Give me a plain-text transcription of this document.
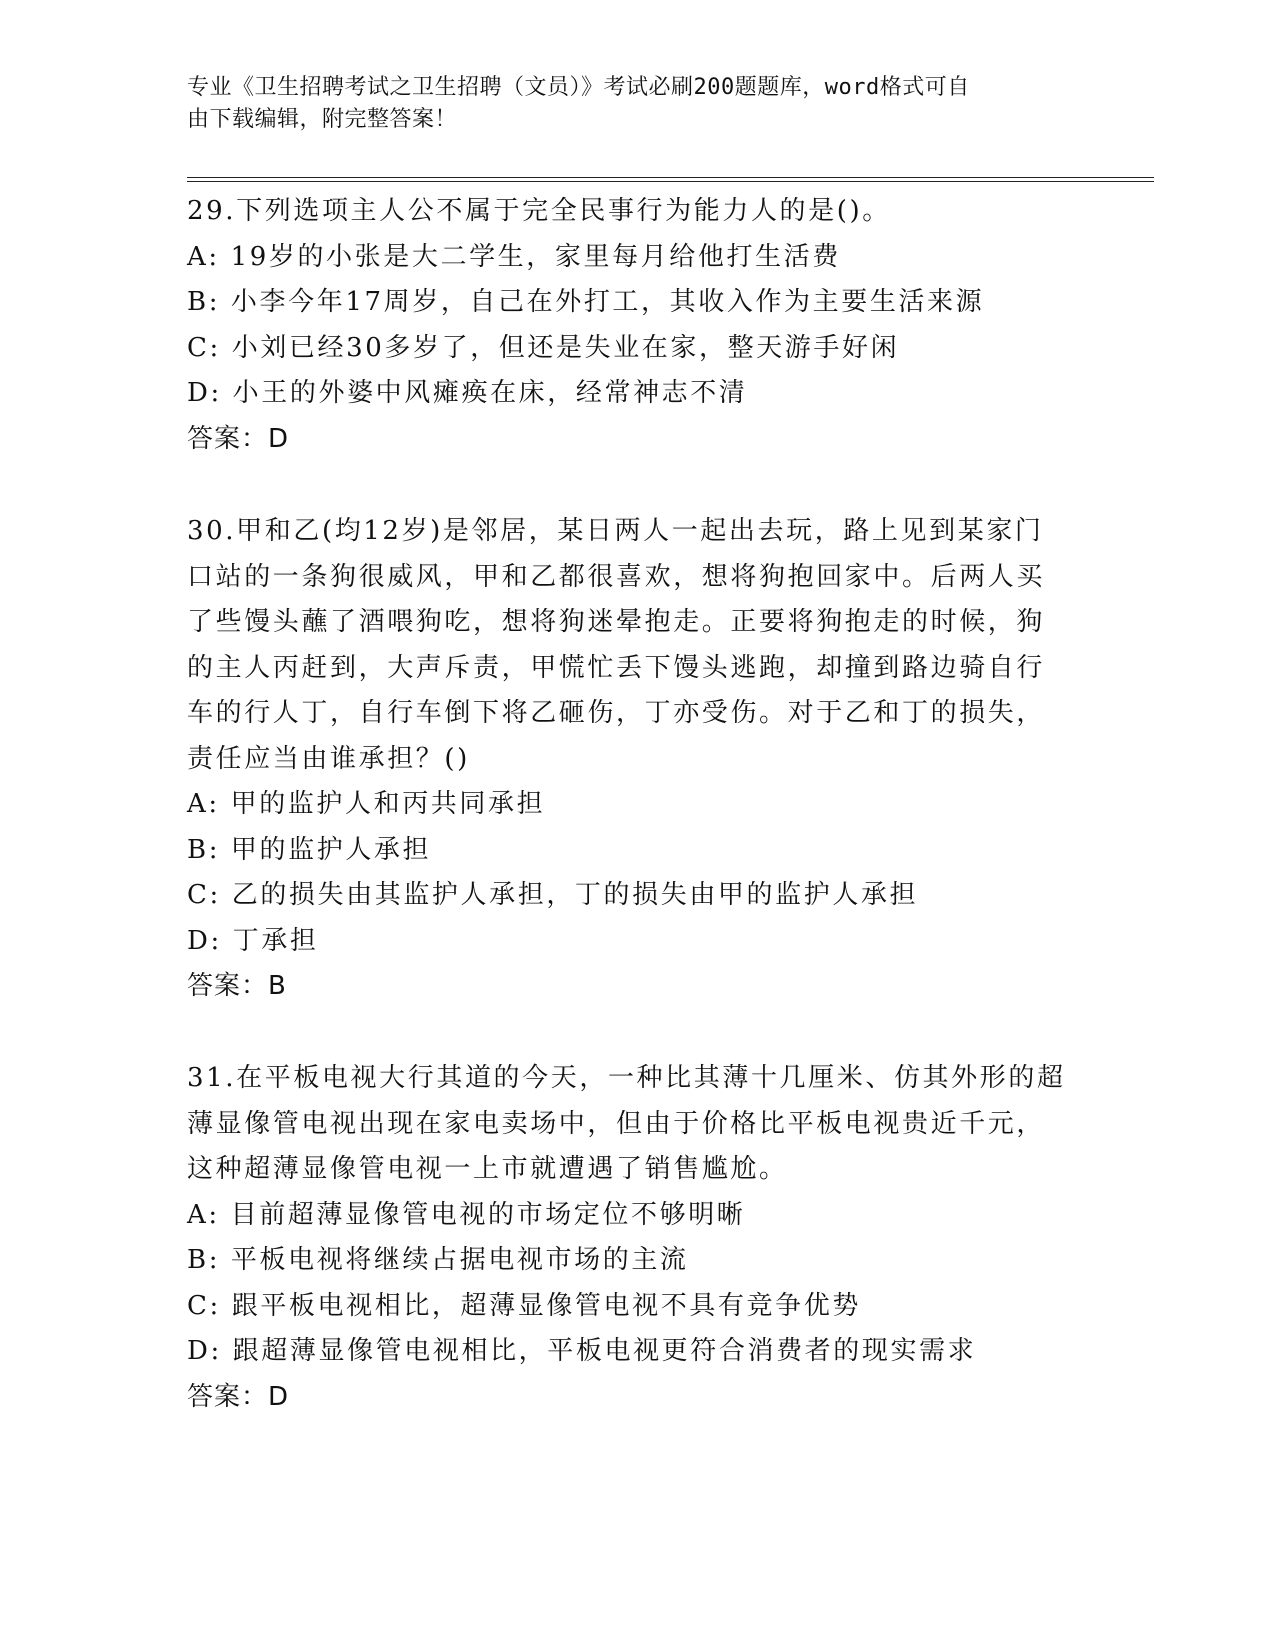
专业《卫生招聘考试之卫生招聘（文员）》考试必刷200题题库，word格式可自
由下载编辑，附完整答案！
29.下列选项主人公不属于完全民事行为能力人的是()。
A: 19岁的小张是大二学生，家里每月给他打生活费
B: 小李今年17周岁，自己在外打工，其收入作为主要生活来源
C: 小刘已经30多岁了，但还是失业在家，整天游手好闲
D: 小王的外婆中风瘫痪在床，经常神志不清
答案：D
30.甲和乙(均12岁)是邻居，某日两人一起出去玩，路上见到某家门
口站的一条狗很威风，甲和乙都很喜欢，想将狗抱回家中。后两人买
了些馒头蘸了酒喂狗吃，想将狗迷晕抱走。正要将狗抱走的时候，狗
的主人丙赶到，大声斥责，甲慌忙丢下馒头逃跑，却撞到路边骑自行
车的行人丁，自行车倒下将乙砸伤，丁亦受伤。对于乙和丁的损失，
责任应当由谁承担？()
A: 甲的监护人和丙共同承担
B: 甲的监护人承担
C: 乙的损失由其监护人承担，丁的损失由甲的监护人承担
D: 丁承担
答案：B
31.在平板电视大行其道的今天，一种比其薄十几厘米、仿其外形的超
薄显像管电视出现在家电卖场中，但由于价格比平板电视贵近千元，
这种超薄显像管电视一上市就遭遇了销售尴尬。
A: 目前超薄显像管电视的市场定位不够明晰
B: 平板电视将继续占据电视市场的主流
C: 跟平板电视相比，超薄显像管电视不具有竞争优势
D: 跟超薄显像管电视相比，平板电视更符合消费者的现实需求
答案：D
